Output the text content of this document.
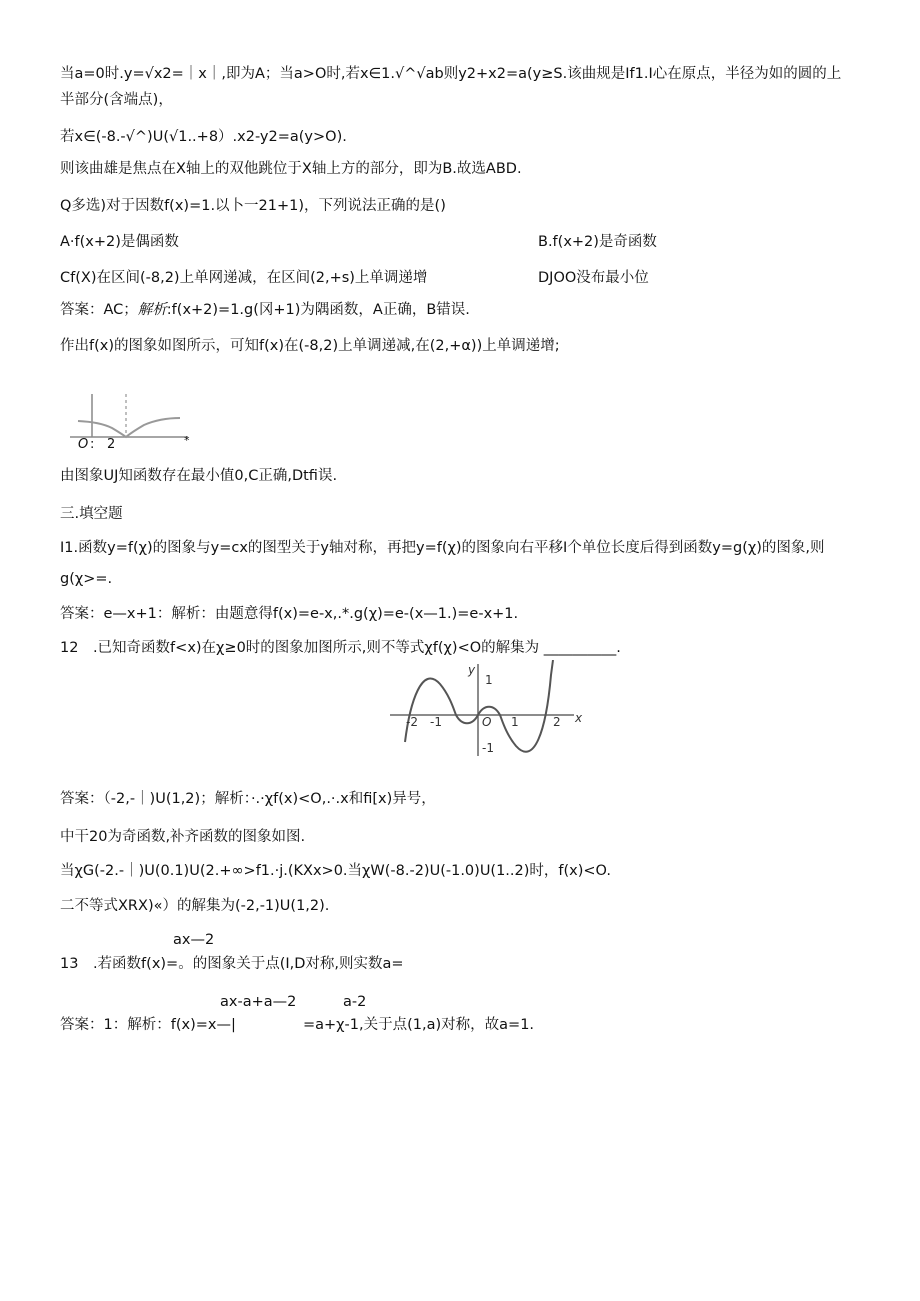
当a=0时.y=√x2=｜x｜,即为A；当a>O时,若x∈1.√^√ab则y2+x2=a(y≥S.该曲规是If1.I心在原点，半径为如的圆的上
半部分(含端点)，
若x∈(-8.-√^)U(√1..+8）.x2-y2=a(y>O).
则该曲雄是焦点在X轴上的双他跳位于X轴上方的部分，即为B.故选ABD.
Q多选)对于因数f(x)=1.以卜一21+1)，下列说法正确的是()
A·f(x+2)是偶函数	B.f(x+2)是奇函数
Cf(X)在区间(-8,2)上单网递减，在区间(2,+s)上单调递增	DJOO没布最小位
答案：AC；解析:f(x+2)=1.g(冈+1)为隅函数，A正确，B错误.
作出f(x)的图象如图所示，可知f(x)在(-8,2)上单调递减,在(2,+α))上单调递增;
O : 2	*
由图象UJ知函数存在最小值0,C正确,Dtfi误.
三.填空题
I1.函数y=f(χ)的图象与y=cx的图型关于y轴对称，再把y=f(χ)的图象向右平移I个单位长度后得到函数y=g(χ)的图象,则
g(χ>=.
答案：e—x+1：解析：由题意得f(x)=e-x,.*.g(χ)=e-(x—1.)=e-x+1.
12　.已知奇函数f<x)在χ≥0时的图象加图所示,则不等式χf(χ)<O的解集为 __________.
y
x
O
-2 -1	1	2
1
-1
答案：（-2,-｜)U(1,2)；解析：·.·χf(x)<O,.·.x和fi[x)异号，
中干20为奇函数,补齐函数的图象如图.
当χG(-2.-｜)U(0.1)U(2.+∞>f1.·j.(KXx>0.当χW(-8.-2)U(-1.0)U(1..2)时，f(x)<O.
二不等式XRX)«）的解集为(-2,-1)U(1,2).
ax—2
13　.若函数f(x)=。的图象关于点(I,D对称,则实数a=
ax-a+a—2	a-2
答案：1：解析：f(x)=x—|	=a+χ-1,关于点(1,a)对称，故a=1.
